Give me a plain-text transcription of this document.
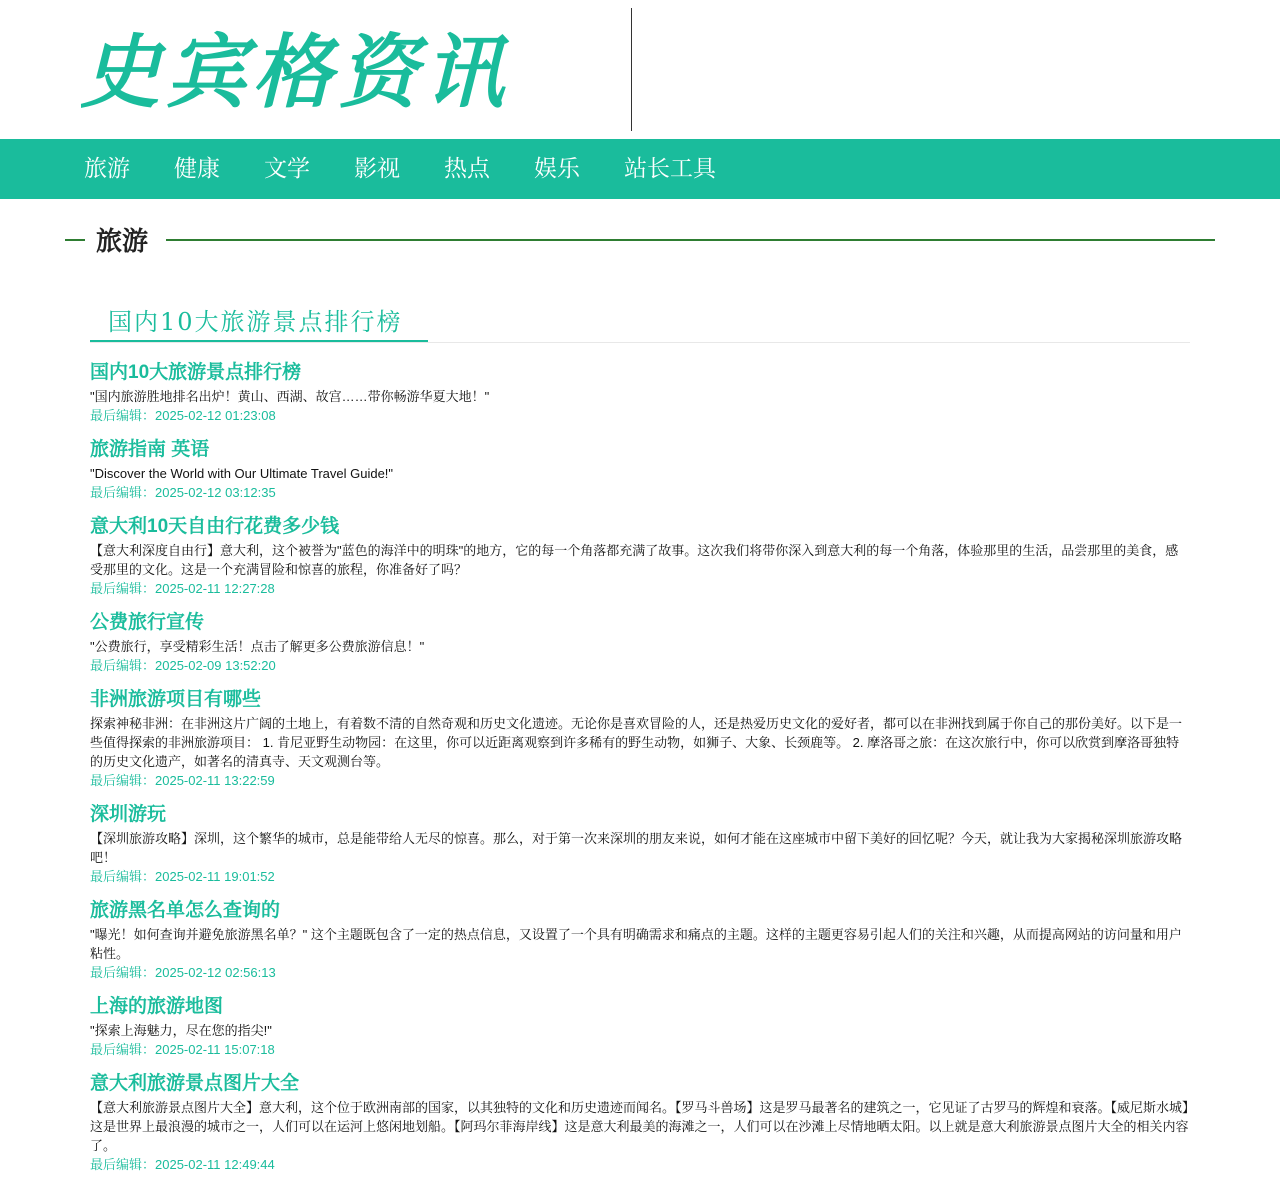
史宾格资讯
旅游 健康 文学 影视 热点 娱乐 站长工具
旅游
国内10大旅游景点排行榜
国内10大旅游景点排行榜
"国内旅游胜地排名出炉！黄山、西湖、故宫……带你畅游华夏大地！"
最后编辑：2025-02-12 01:23:08
旅游指南 英语
"Discover the World with Our Ultimate Travel Guide!"
最后编辑：2025-02-12 03:12:35
意大利10天自由行花费多少钱
【意大利深度自由行】意大利，这个被誉为"蓝色的海洋中的明珠"的地方，它的每一个角落都充满了故事。这次我们将带你深入到意大利的每一个角落，体验那里的生活，品尝那里的美食，感受那里的文化。这是一个充满冒险和惊喜的旅程，你准备好了吗？
最后编辑：2025-02-11 12:27:28
公费旅行宣传
"公费旅行，享受精彩生活！点击了解更多公费旅游信息！"
最后编辑：2025-02-09 13:52:20
非洲旅游项目有哪些
探索神秘非洲：在非洲这片广阔的土地上，有着数不清的自然奇观和历史文化遗迹。无论你是喜欢冒险的人，还是热爱历史文化的爱好者，都可以在非洲找到属于你自己的那份美好。以下是一些值得探索的非洲旅游项目： 1. 肯尼亚野生动物园：在这里，你可以近距离观察到许多稀有的野生动物，如狮子、大象、长颈鹿等。 2. 摩洛哥之旅：在这次旅行中，你可以欣赏到摩洛哥独特的历史文化遗产，如著名的清真寺、天文观测台等。
最后编辑：2025-02-11 13:22:59
深圳游玩
【深圳旅游攻略】深圳，这个繁华的城市，总是能带给人无尽的惊喜。那么，对于第一次来深圳的朋友来说，如何才能在这座城市中留下美好的回忆呢？今天，就让我为大家揭秘深圳旅游攻略吧！
最后编辑：2025-02-11 19:01:52
旅游黑名单怎么查询的
"曝光！如何查询并避免旅游黑名单？" 这个主题既包含了一定的热点信息，又设置了一个具有明确需求和痛点的主题。这样的主题更容易引起人们的关注和兴趣，从而提高网站的访问量和用户粘性。
最后编辑：2025-02-12 02:56:13
上海的旅游地图
"探索上海魅力，尽在您的指尖!"
最后编辑：2025-02-11 15:07:18
意大利旅游景点图片大全
【意大利旅游景点图片大全】意大利，这个位于欧洲南部的国家，以其独特的文化和历史遗迹而闻名。【罗马斗兽场】这是罗马最著名的建筑之一，它见证了古罗马的辉煌和衰落。【威尼斯水城】这是世界上最浪漫的城市之一，人们可以在运河上悠闲地划船。【阿玛尔菲海岸线】这是意大利最美的海滩之一，人们可以在沙滩上尽情地晒太阳。以上就是意大利旅游景点图片大全的相关内容了。
最后编辑：2025-02-11 12:49:44
